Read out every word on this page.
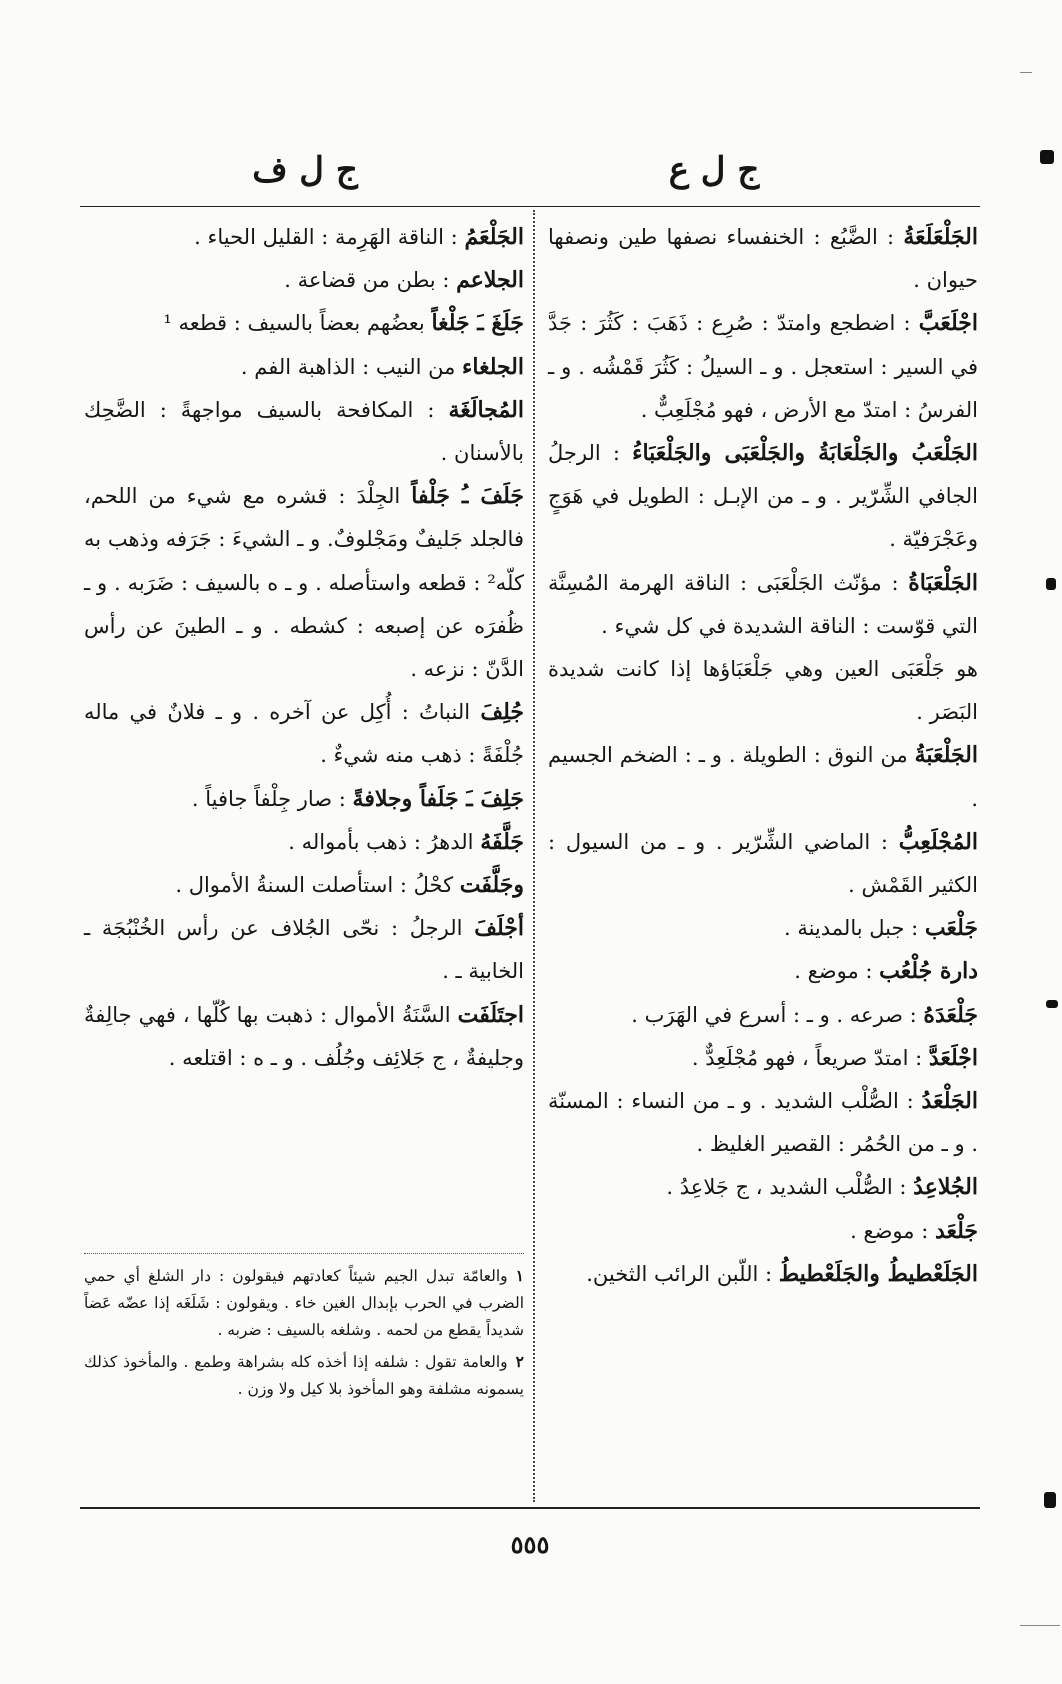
ج ل ع
ج ل ف

الجَلْعَلَعَةُ : الضَّبُع : الخنفساء نصفها طين ونصفها حيوان .

اجْلَعَبَّ : اضطجع وامتدّ : صُرِع : ذَهَبَ : كَثُرَ : جَدَّ في السير : استعجل . و ـ السيلُ : كَثُرَ قَمْشُه . و ـ الفرسُ : امتدّ مع الأرض ، فهو مُجْلَعِبٌّ .

الجَلْعَبُ والجَلْعَابَةُ والجَلْعَبَى والجَلْعَبَاءُ : الرجلُ الجافي الشِّرّير . و ـ من الإبـل : الطويل في هَوَجٍ وعَجْرَفيّة .

الجَلْعَبَاةُ : مؤنّث الجَلْعَبَى : الناقة الهرمة المُسِنَّة التي قوّست : الناقة الشديدة في كل شيء .

هو جَلْعَبَى العين وهي جَلْعَبَاؤها إذا كانت شديدة البَصَر .

الجَلْعَبَةُ من النوق : الطويلة . و ـ : الضخم الجسيم .

المُجْلَعِبُّ : الماضي الشِّرّير . و ـ من السيول : الكثير القَمْش .

جَلْعَب : جبل بالمدينة .

دارة جُلْعُب : موضع .

جَلْعَدَهُ : صرعه . و ـ : أسرع في الهَرَب .

اجْلَعَدَّ : امتدّ صريعاً ، فهو مُجْلَعِدٌّ .

الجَلْعَدُ : الصُّلْب الشديد . و ـ من النساء : المسنّة . و ـ من الحُمُر : القصير الغليظ .

الجُلاعِدُ : الصُّلْب الشديد ، ج جَلاعِدُ .

جَلْعَد : موضع .

الجَلَعْطيطُ والجَلَعْطيطُ : اللّبن الرائب الثخين.

الجَلْعَمُ : الناقة الهَرِمة : القليل الحياء .

الجلاعم : بطن من قضاعة .

جَلَغَ ـَ جَلْغاً بعضُهم بعضاً بالسيف : قطعه ¹

الجلغاء من النيب : الذاهبة الفم .

المُجالَغَة : المكافحة بالسيف مواجهةً : الضَّحِك بالأسنان .

جَلَفَ ـُ جَلْفاً الجِلْدَ : قشره مع شيء من اللحم، فالجلد جَليفٌ ومَجْلوفٌ. و ـ الشيءَ : جَرَفه وذهب به كلّه² : قطعه واستأصله . و ـ ه بالسيف : ضَرَبه . و ـ ظُفرَه عن إصبعه : كشطه . و ـ الطينَ عن رأس الدَّنّ : نزعه .

جُلِفَ النباتُ : أُكِل عن آخره . و ـ فلانٌ في ماله جُلْفَةً : ذهب منه شيءٌ .

جَلِفَ ـَ جَلَفاً وجلافةً : صار جِلْفاً جافياً .

جَلَّفَهُ الدهرُ : ذهب بأمواله .

وجَلَّفَت كحْلُ : استأصلت السنةُ الأموال .

أجْلَفَ الرجلُ : نحّى الجُلاف عن رأس الخُنْبُجَة ـ الخابية ـ .

اجتَلَفَت السَّنَةُ الأموال : ذهبت بها كُلّها ، فهي جالِفةٌ وجليفةٌ ، ج جَلائِف وجُلُف . و ـ ه : اقتلعه .

١والعامّة تبدل الجيم شيئاً كعادتهم فيقولون : دار الشلغ أي حمي الضرب في الحرب بإبدال الغين خاء . ويقولون : شَلَغَه إذا عضّه عَضاً شديداً يقطع من لحمه . وشلغه بالسيف : ضربه .

٢والعامة تقول : شلفه إذا أخذه كله بشراهة وطمع . والمأخوذ كذلك يسمونه مشلفة وهو المأخوذ بلا كيل ولا وزن .

٥٥٥
